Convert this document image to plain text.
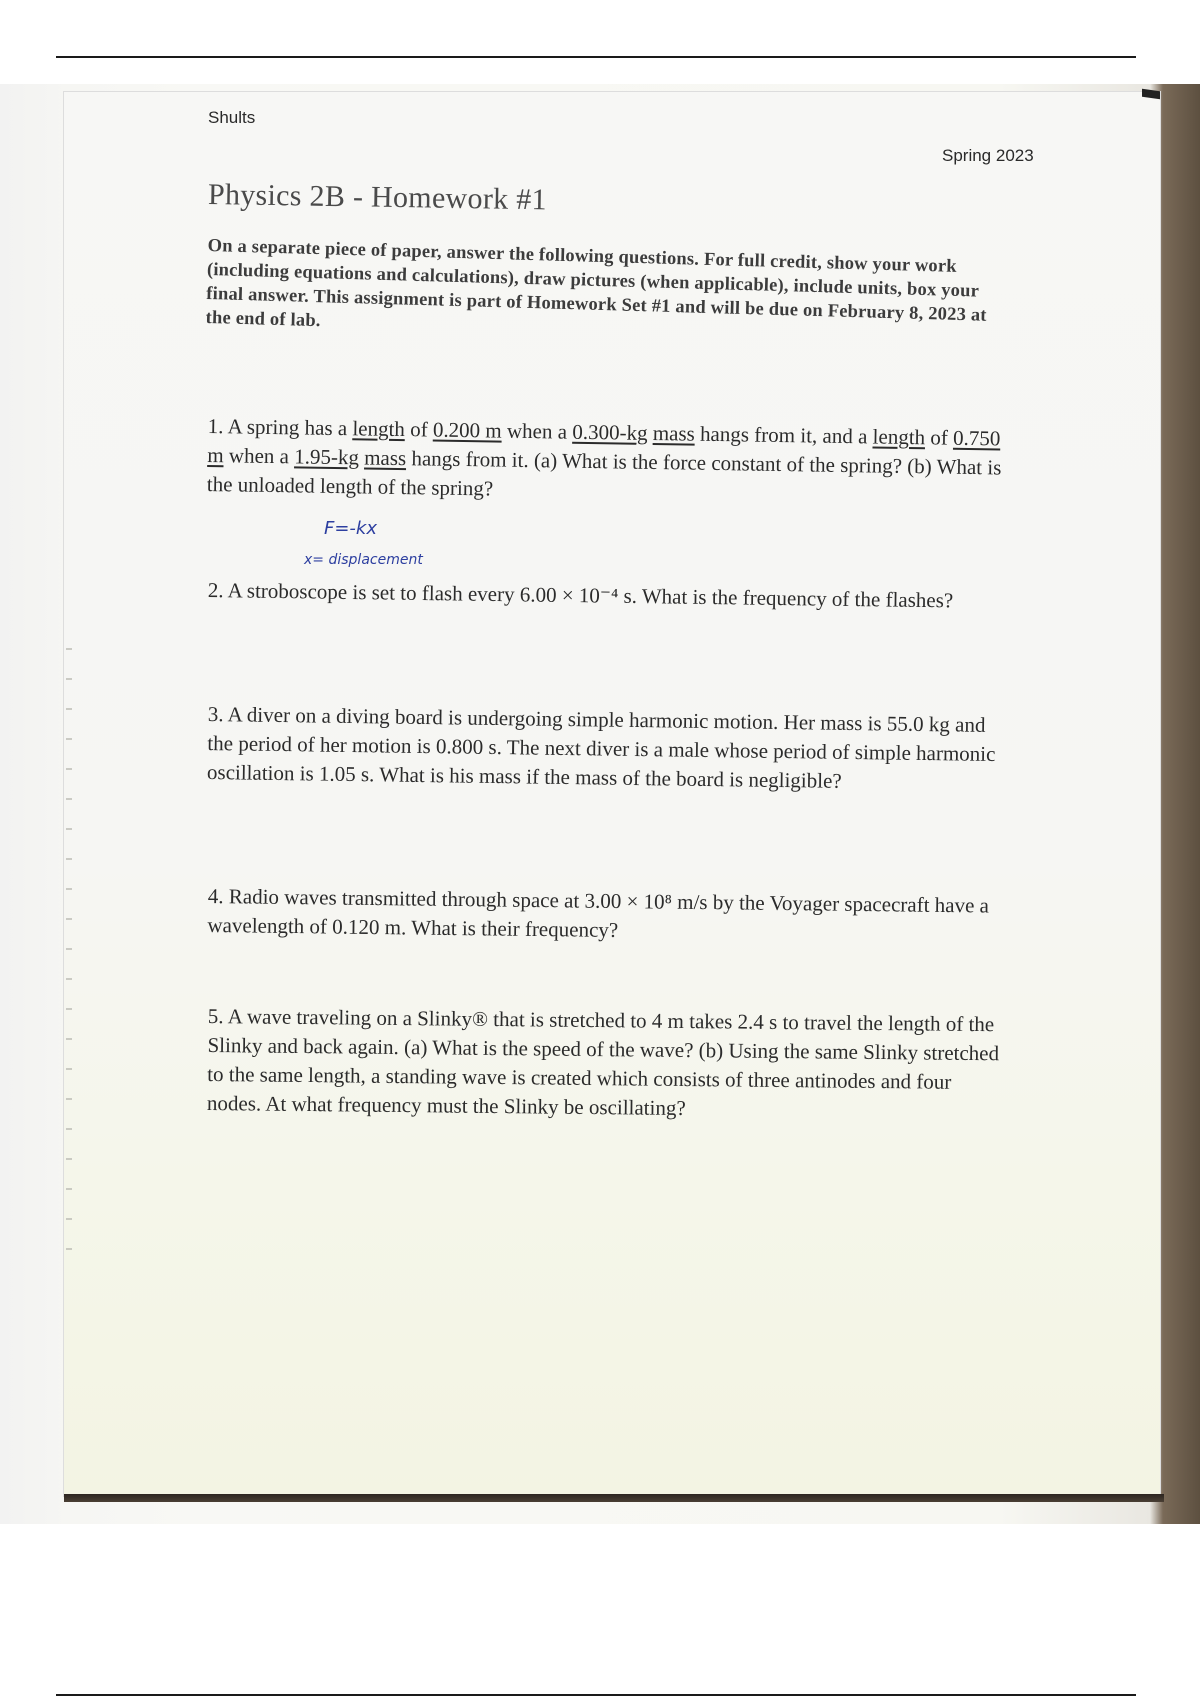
Shults
Spring 2023
Physics 2B - Homework #1
On a separate piece of paper, answer the following questions. For full credit, show your work (including equations and calculations), draw pictures (when applicable), include units, box your final answer. This assignment is part of Homework Set #1 and will be due on February 8, 2023 at the end of lab.
1. A spring has a length of 0.200 m when a 0.300-kg mass hangs from it, and a length of 0.750 m when a 1.95-kg mass hangs from it. (a) What is the force constant of the spring? (b) What is the unloaded length of the spring?
F=-kx
x= displacement
2. A stroboscope is set to flash every 6.00 × 10⁻⁴ s. What is the frequency of the flashes?
3. A diver on a diving board is undergoing simple harmonic motion. Her mass is 55.0 kg and the period of her motion is 0.800 s. The next diver is a male whose period of simple harmonic oscillation is 1.05 s. What is his mass if the mass of the board is negligible?
4. Radio waves transmitted through space at 3.00 × 10⁸ m/s by the Voyager spacecraft have a wavelength of 0.120 m. What is their frequency?
5. A wave traveling on a Slinky® that is stretched to 4 m takes 2.4 s to travel the length of the Slinky and back again. (a) What is the speed of the wave? (b) Using the same Slinky stretched to the same length, a standing wave is created which consists of three antinodes and four nodes. At what frequency must the Slinky be oscillating?
